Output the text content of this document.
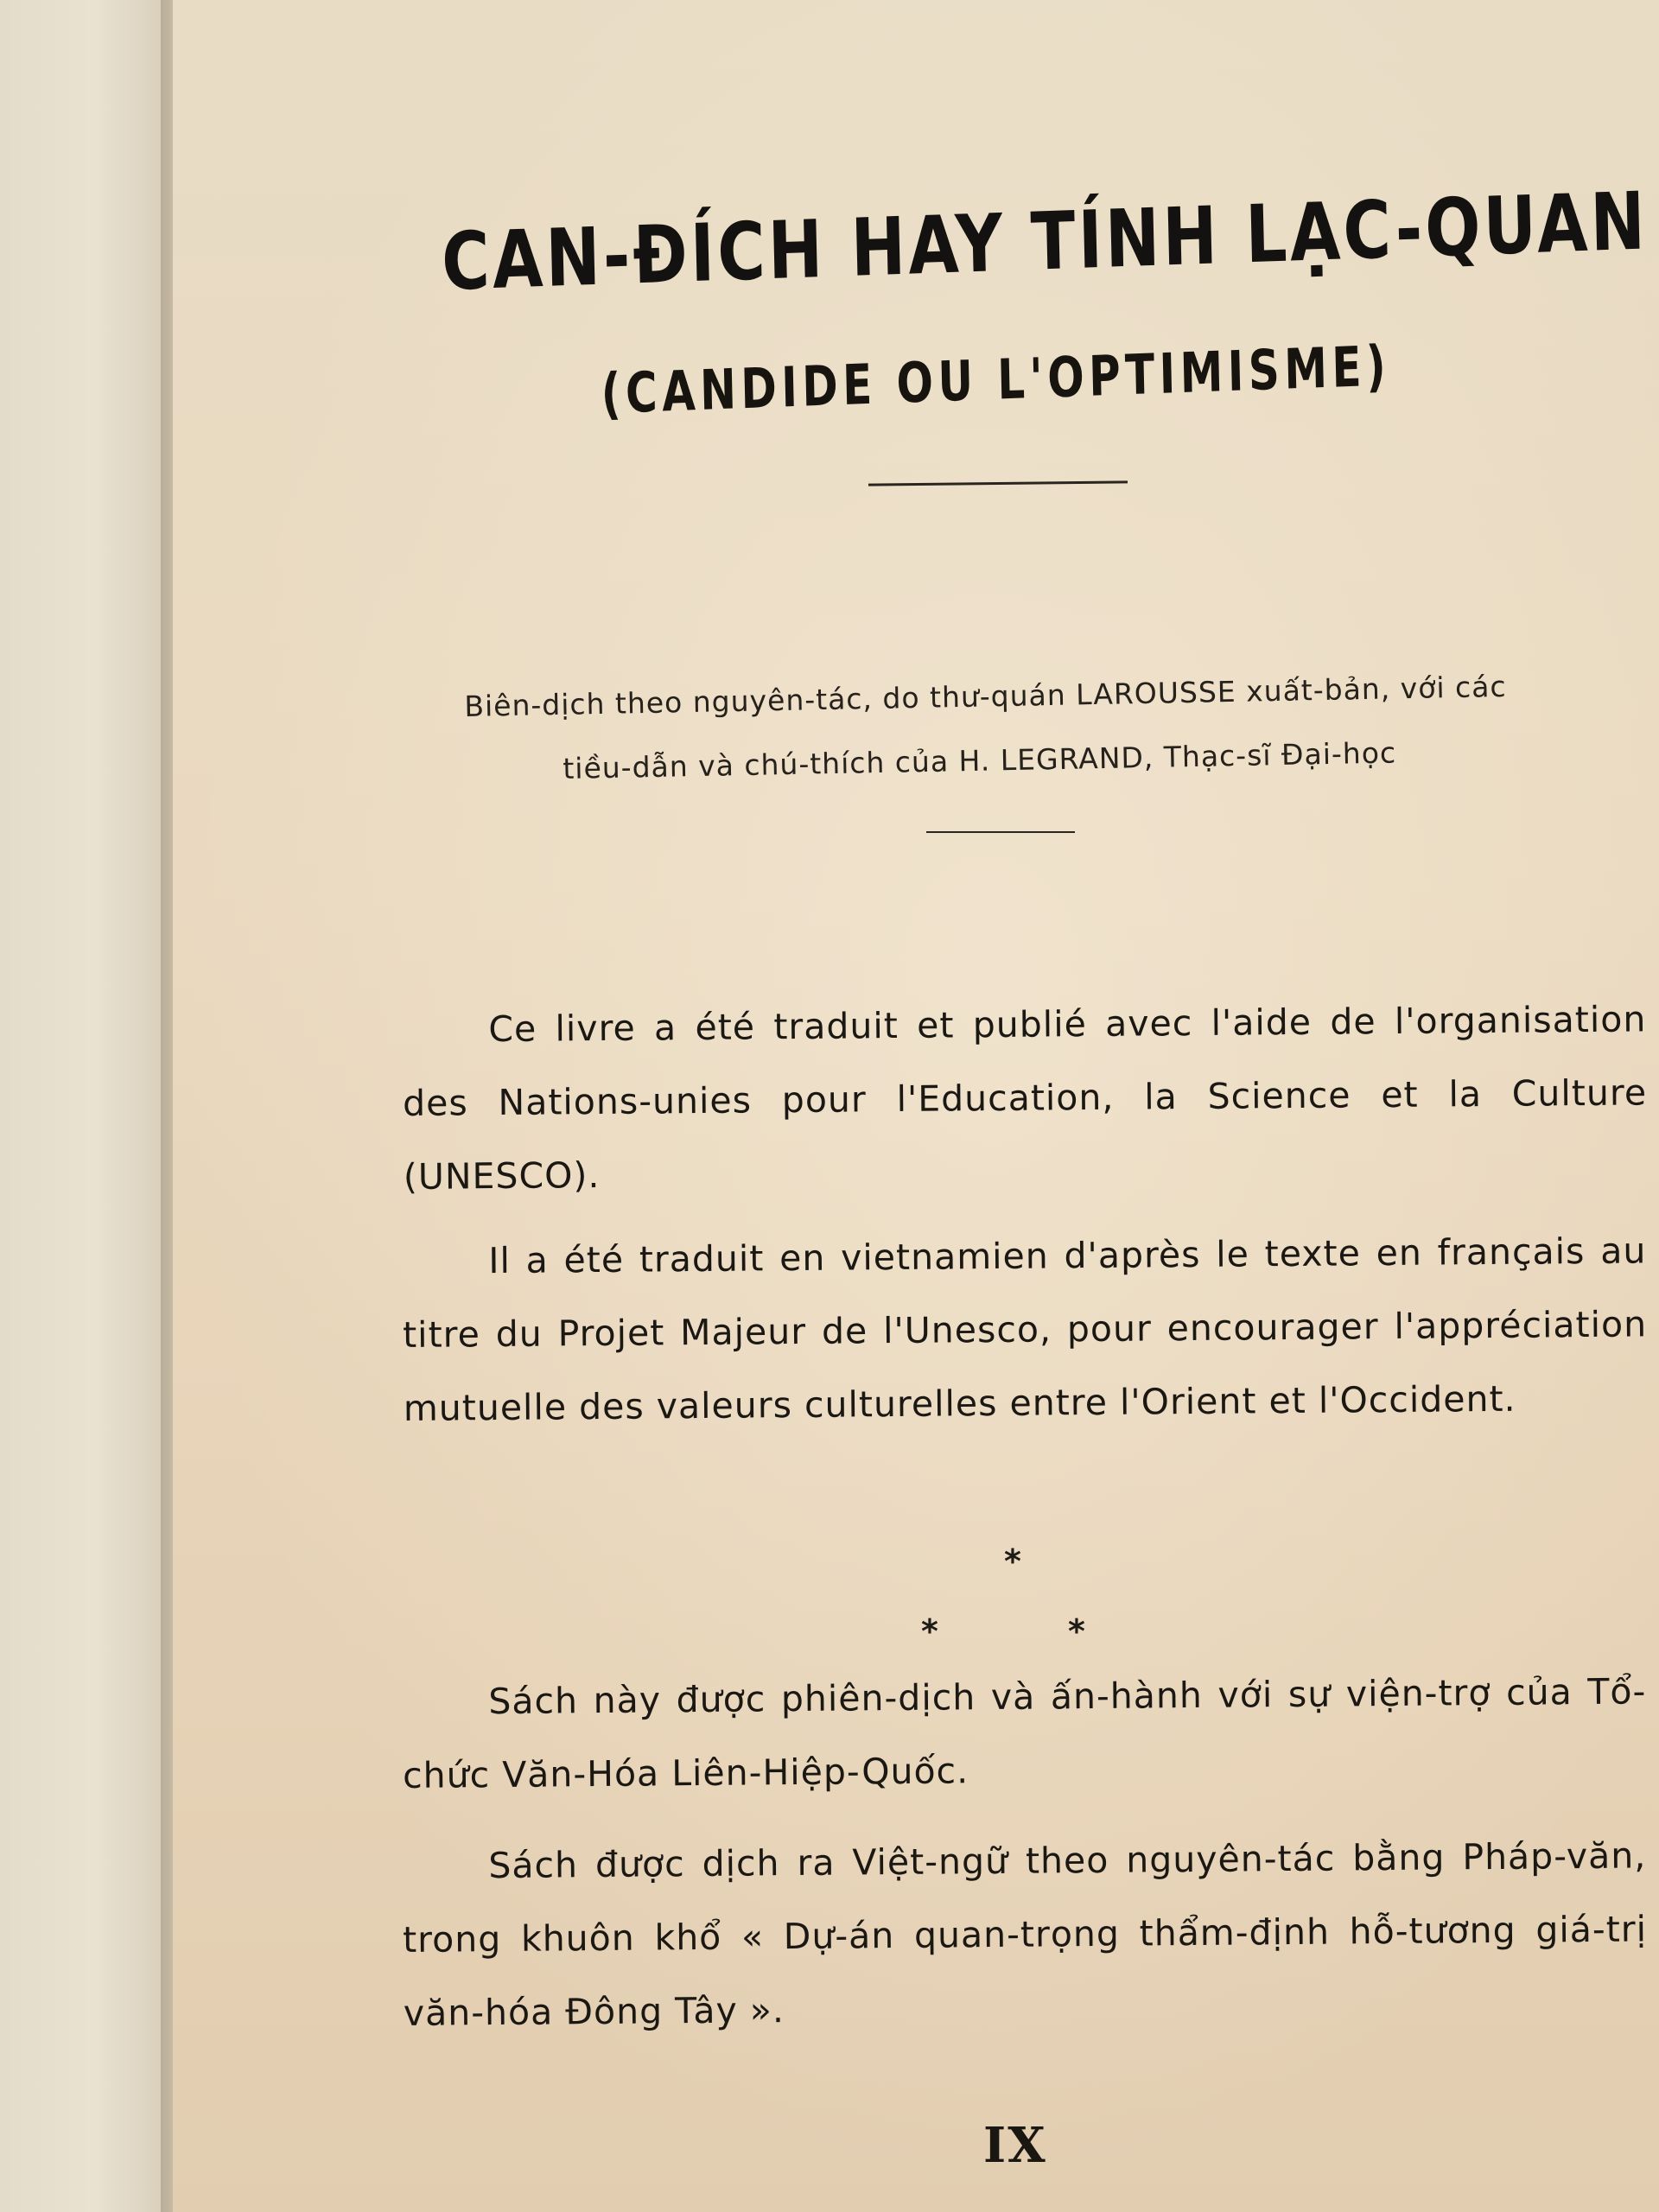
CAN-ĐÍCH HAY TÍNH LẠC-QUAN
(CANDIDE OU L'OPTIMISME)
Biên-dịch theo nguyên-tác, do thư-quán LAROUSSE xuất-bản, với các
tiều-dẫn và chú-thích của H. LEGRAND, Thạc-sĩ Đại-học

Ce livre a été traduit et publié avec l'aide de l'organisation des Nations-unies pour l'Education, la Science et la Culture (UNESCO).

Il a été traduit en vietnamien d'après le texte en français au titre du Projet Majeur de l'Unesco, pour encourager l'appréciation mutuelle des valeurs culturelles entre l'Orient et l'Occident.

*
*	*

Sách này được phiên-dịch và ấn-hành với sự viện-trợ của Tổ-chức Văn-Hóa Liên-Hiệp-Quốc.

Sách được dịch ra Việt-ngữ theo nguyên-tác bằng Pháp-văn, trong khuôn khổ « Dự-án quan-trọng thẩm-định hỗ-tương giá-trị văn-hóa Đông Tây ».

IX
